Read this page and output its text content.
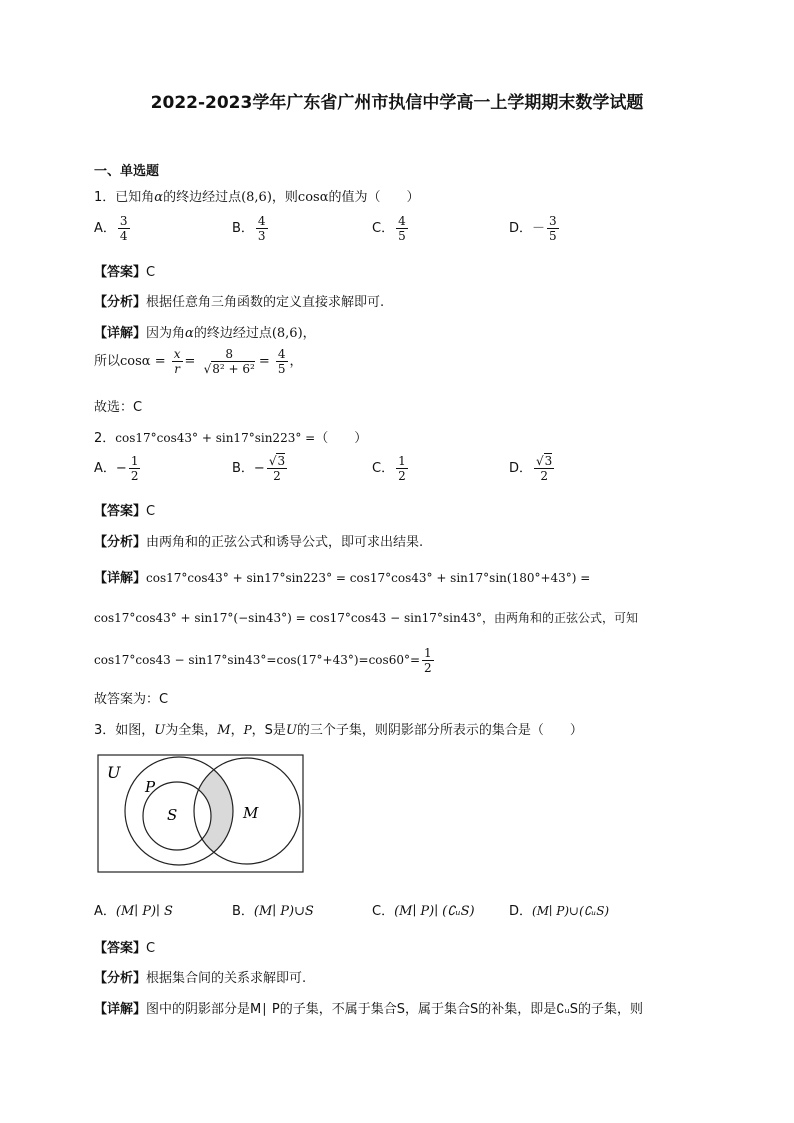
2022-2023学年广东省广州市执信中学高一上学期期末数学试题
一、单选题
1．已知角α的终边经过点(8,6)，则cosα的值为（　　）
A． $\frac{3}{4}$	B． $\frac{4}{3}$	C． $\frac{4}{5}$	D．－ $\frac{3}{5}$
【答案】C
【分析】根据任意角三角函数的定义直接求解即可.
【详解】因为角α的终边经过点(8,6)，
所以$\cos\alpha = \frac{x}{r} = \frac{8}{\text{√8² + 6²}} = \frac{4}{5}$ ，
故选：C
2．cos17°cos43° + sin17°sin223° =（　　）
A．− $\frac{1}{2}$	B．− $\frac{√3}{2}$	C． $\frac{1}{2}$	D． $\frac{√3}{2}$
【答案】C
【分析】由两角和的正弦公式和诱导公式，即可求出结果.
【详解】cos17°cos43° + sin17°sin223° = cos17°cos43° + sin17°sin(180°+43°) =
cos17°cos43° + sin17°(−sin43°) = cos17°cos43 − sin17°sin43°，由两角和的正弦公式，可知
$\cos 17^\circ\cos 43 - \sin 17^\circ\sin 43^\circ=\cos(17^\circ+43^\circ)=\cos 60^\circ= \frac{1}{2}$
故答案为：C
3．如图，U为全集，M，P，S是U的三个子集，则阴影部分所表示的集合是（　　）
U
P
S	M
A．(M∣ P)∣ S	B．(M∣ P)∪S	C．(M∣ P)∣ (∁ᵤS)	D．(M∣ P)∪(∁ᵤS)
【答案】C
【分析】根据集合间的关系求解即可.
【详解】图中的阴影部分是M∣ P的子集，不属于集合S，属于集合S的补集，即是∁ᵤS的子集，则
